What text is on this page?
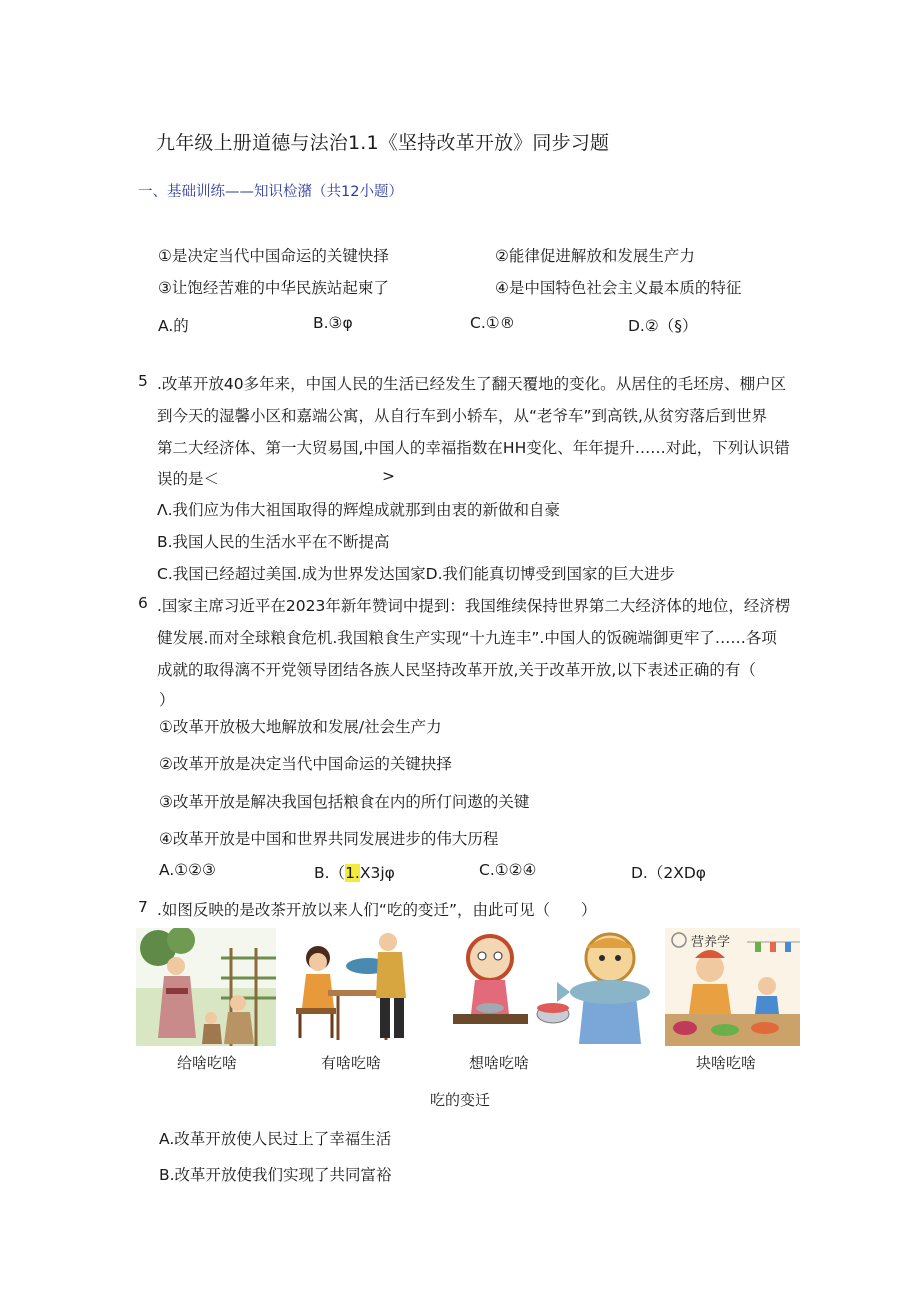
九年级上册道德与法治1.1《坚持改革开放》同步习题
一、基础训练——知识检潴（共12小题）
①是决定当代中国命运的关键快择	②能律促进解放和发展生产力
③让饱经苦难的中华民族站起柬了	④是中国特色社会主义最本质的特征
A.的	B.③φ	C.①®	D.②（§）
5 .改革开放40多年来，中国人民的生活已经发生了翻天覆地的变化。从居住的毛坯房、棚户区
到今天的湿馨小区和嘉端公寓，从自行车到小轿车，从“老爷车”到高铁,从贫穷落后到世界
第二大经济体、第一大贸易国,中国人的幸福指数在HH变化、年年提升……对此，下列认识错
误的是＜	>
Λ.我们应为伟大祖国取得的辉煌成就那到由衷的新做和自豪
B.我国人民的生活水平在不断提高
C.我国已经超过美国.成为世界发达国家D.我们能真切博受到国家的巨大进步
6 .国家主席习近平在2023年新年赞词中提到：我国维续保持世界第二大经济体的地位，经济楞
健发展.而对全球粮食危机.我国粮食生产实现“十九连丰”.中国人的饭碗端御更牢了……各项
成就的取得漓不开党领导团结各族人民坚持改革开放,关于改革开放,以下表述正确的有（
）
①改革开放极大地解放和发展/社会生产力
②改革开放是决定当代中国命运的关键抉择
③改革开放是解决我国包括粮食在内的所仃问遨的关键
④改革开放是中国和世界共同发展进步的伟大历程
A.①②③	B.（1.X3jφ	C.①②④	D.（2XDφ
7 .如图反映的是改茶开放以来人们“吃的变迁”，由此可见（　　）
营养学
给啥吃啥	有啥吃啥	想啥吃啥	块啥吃啥
吃的变迁
A.改革开放使人民过上了幸福生活
B.改革开放使我们实现了共同富裕
